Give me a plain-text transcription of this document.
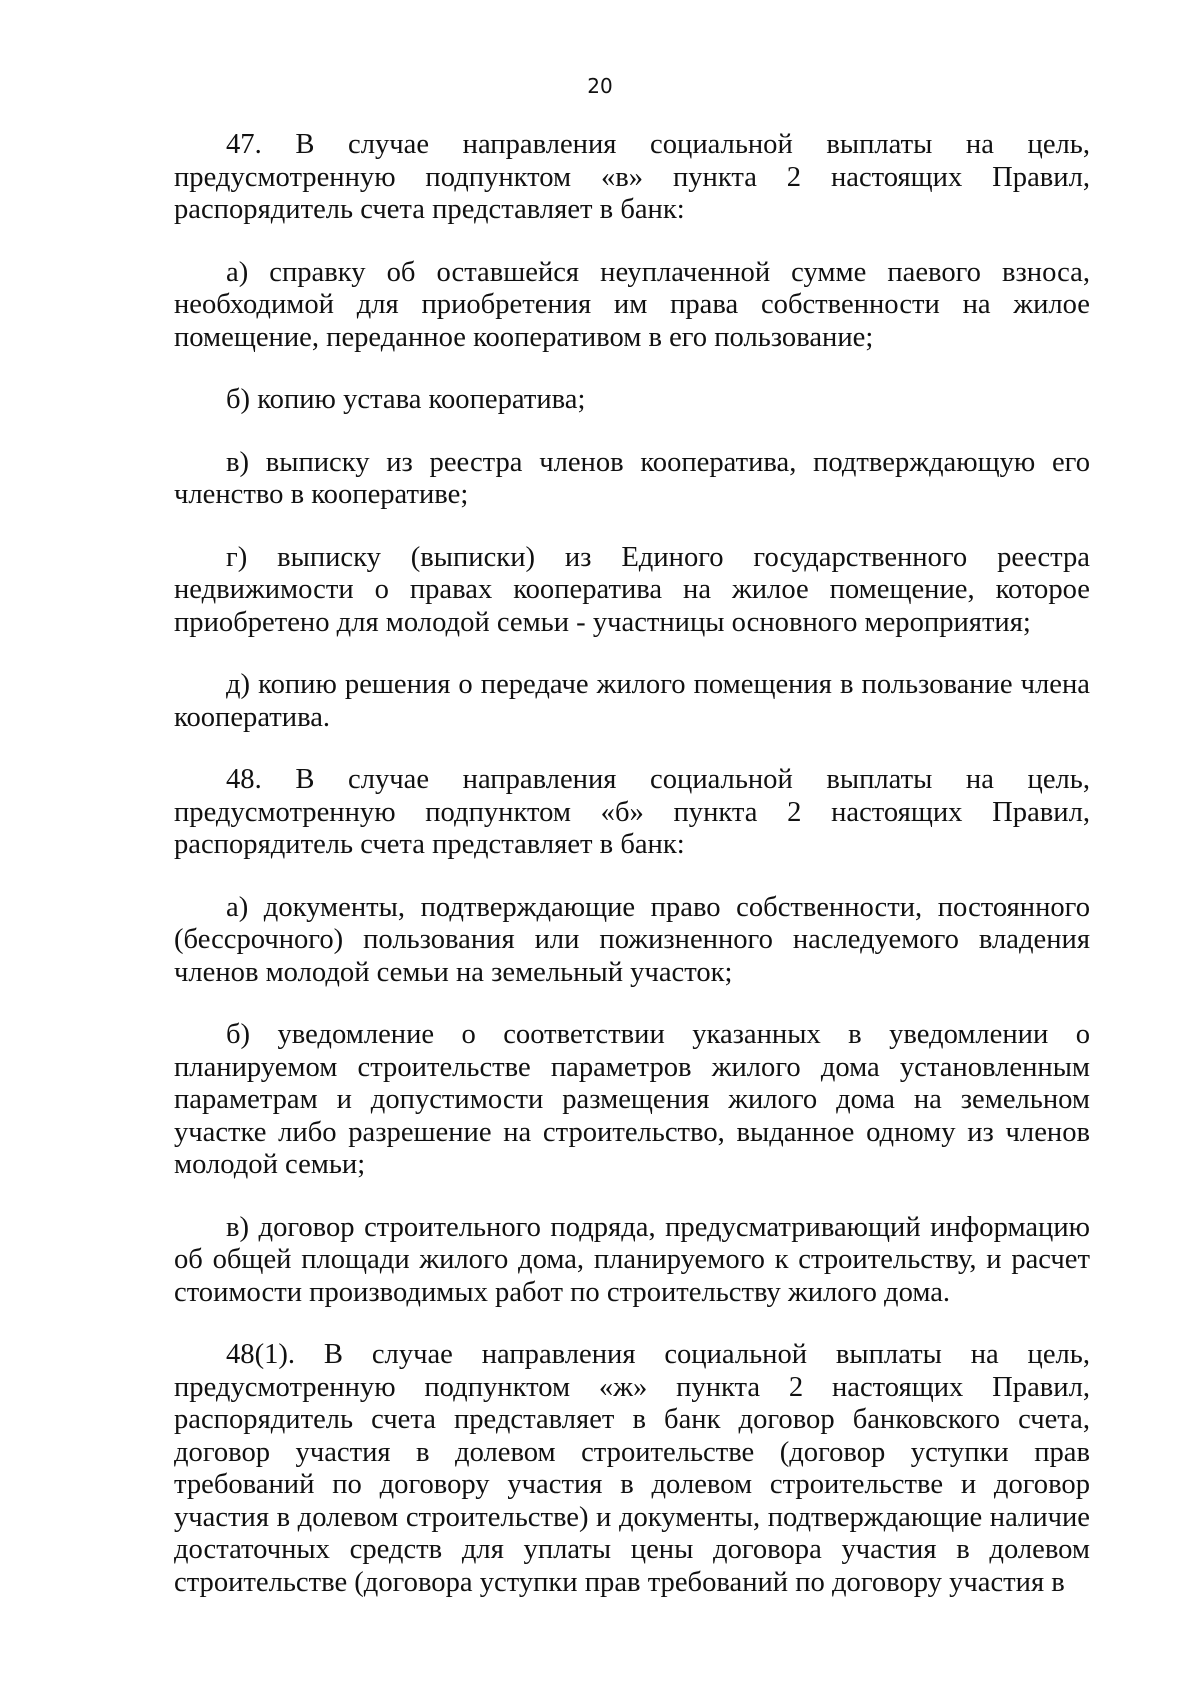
20

47. В случае направления социальной выплаты на цель, предусмотренную подпунктом «в» пункта 2 настоящих Правил, распорядитель счета представляет в банк:

а) справку об оставшейся неуплаченной сумме паевого взноса, необходимой для приобретения им права собственности на жилое помещение, переданное кооперативом в его пользование;

б) копию устава кооператива;

в) выписку из реестра членов кооператива, подтверждающую его членство в кооперативе;

г) выписку (выписки) из Единого государственного реестра недвижимости о правах кооператива на жилое помещение, которое приобретено для молодой семьи - участницы основного мероприятия;

д) копию решения о передаче жилого помещения в пользование члена кооператива.

48. В случае направления социальной выплаты на цель, предусмотренную подпунктом «б» пункта 2 настоящих Правил, распорядитель счета представляет в банк:

а) документы, подтверждающие право собственности, постоянного (бессрочного) пользования или пожизненного наследуемого владения членов молодой семьи на земельный участок;

б) уведомление о соответствии указанных в уведомлении о планируемом строительстве параметров жилого дома установленным параметрам и допустимости размещения жилого дома на земельном участке либо разрешение на строительство, выданное одному из членов молодой семьи;

в) договор строительного подряда, предусматривающий информацию об общей площади жилого дома, планируемого к строительству, и расчет стоимости производимых работ по строительству жилого дома.

48(1). В случае направления социальной выплаты на цель, предусмотренную подпунктом «ж» пункта 2 настоящих Правил, распорядитель счета представляет в банк договор банковского счета, договор участия в долевом строительстве (договор уступки прав требований по договору участия в долевом строительстве и договор участия в долевом строительстве) и документы, подтверждающие наличие достаточных средств для уплаты цены договора участия в долевом строительстве (договора уступки прав требований по договору участия в
